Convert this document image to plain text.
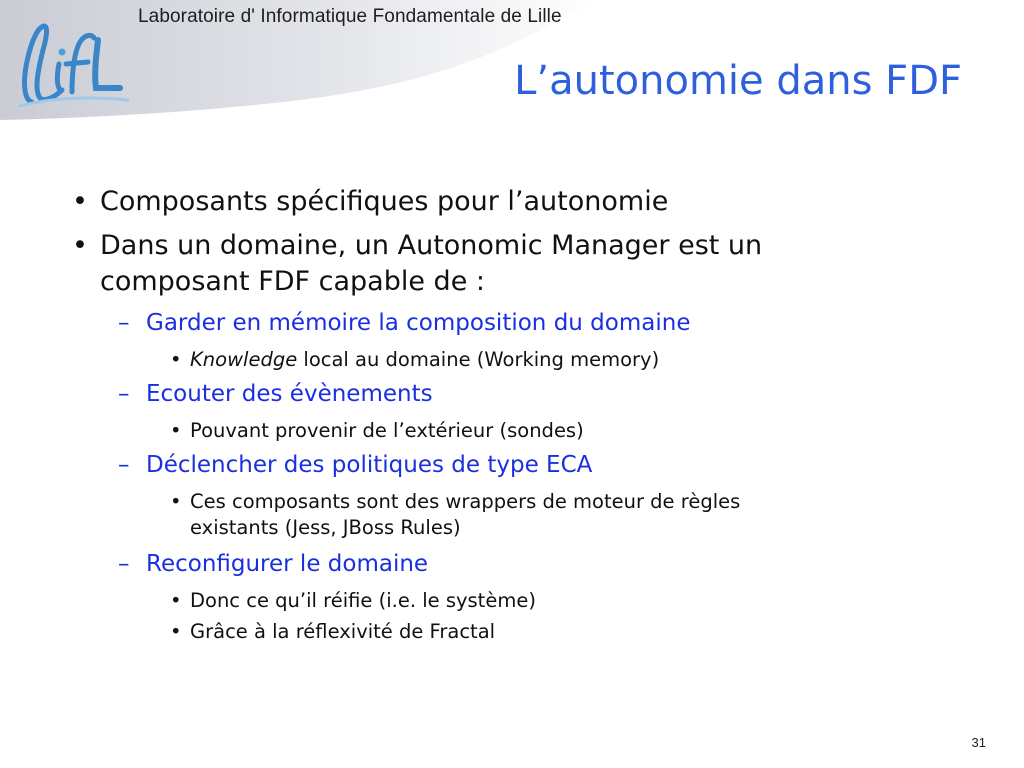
Laboratoire d' Informatique Fondamentale de Lille
L’autonomie dans FDF
• Composants spécifiques pour l’autonomie
• Dans un domaine, un Autonomic Manager est un
composant FDF capable de :
– Garder en mémoire la composition du domaine
• Knowledge local au domaine (Working memory)
– Ecouter des évènements
• Pouvant provenir de l’extérieur (sondes)
– Déclencher des politiques de type ECA
• Ces composants sont des wrappers de moteur de règles
existants (Jess, JBoss Rules)
– Reconfigurer le domaine
• Donc ce qu’il réifie (i.e. le système)
• Grâce à la réflexivité de Fractal
31
